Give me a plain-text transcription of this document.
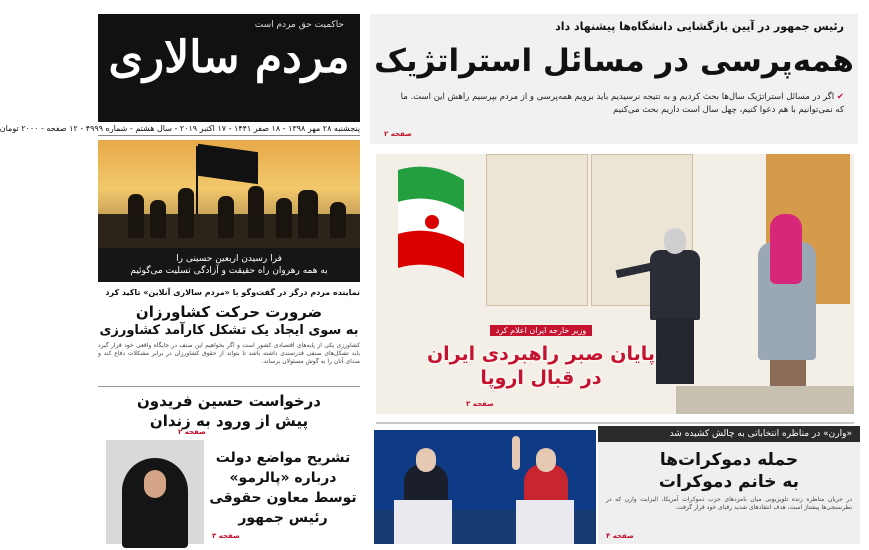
حاکمیت حق مردم است
مردم سالاری
پنجشنبه ۲۸ مهر ۱۳۹۸ - ۱۸ صفر ۱۴۴۱ - ۱۷ اکتبر ۲۰۱۹ - سال هشتم - شماره ۴۹۹۹ - ۱۲ صفحه - ۲۰۰۰ تومان
فرا رسیدن اربعین حسینی را
به همه رهروان راه حقیقت و آزادگی تسلیت می‌گوئیم
نماینده مردم درگز در گفت‌وگو با «مردم سالاری آنلاین» تاکید کرد
ضرورت حرکت کشاورزان
به سوی ایجاد یک تشکل کارآمد کشاورزی
کشاورزی یکی از پایه‌های اقتصادی کشور است و اگر بخواهیم این صنف در جایگاه واقعی خود قرار گیرد باید تشکل‌های صنفی قدرتمندی داشته باشد تا بتواند از حقوق کشاورزان در برابر مشکلات دفاع کند و صدای آنان را به گوش مسئولان برساند.
درخواست حسین فریدون
پیش از ورود به زندان
صفحه ۲
تشریح مواضع دولت
درباره «پالرمو»
توسط معاون حقوقی
رئیس جمهور
صفحه ۳
رئیس جمهور در آیین بازگشایی دانشگاه‌ها پیشنهاد داد
همه‌پرسی در مسائل استراتژیک
✔ اگر در مسائل استراتژیک سال‌ها بحث کردیم و به نتیجه نرسیدیم باید برویم همه‌پرسی و از مردم بپرسیم راهش این است. ما که نمی‌توانیم با هم دعوا کنیم، چهل سال است داریم بحث می‌کنیم
صفحه ۲
وزیر خارجه ایران اعلام کرد
پایان صبر راهبردی ایران
در قبال اروپا
صفحه ۳
«وارن» در مناظره انتخاباتی به چالش کشیده شد
حمله دموکرات‌ها
به خانم دموکرات
در جریان مناظره زنده تلویزیونی میان نامزدهای حزب دموکرات آمریکا، الیزابت وارن که در نظرسنجی‌ها پیشتاز است، هدف انتقادهای شدید رقبای خود قرار گرفت.
صفحه ۴
